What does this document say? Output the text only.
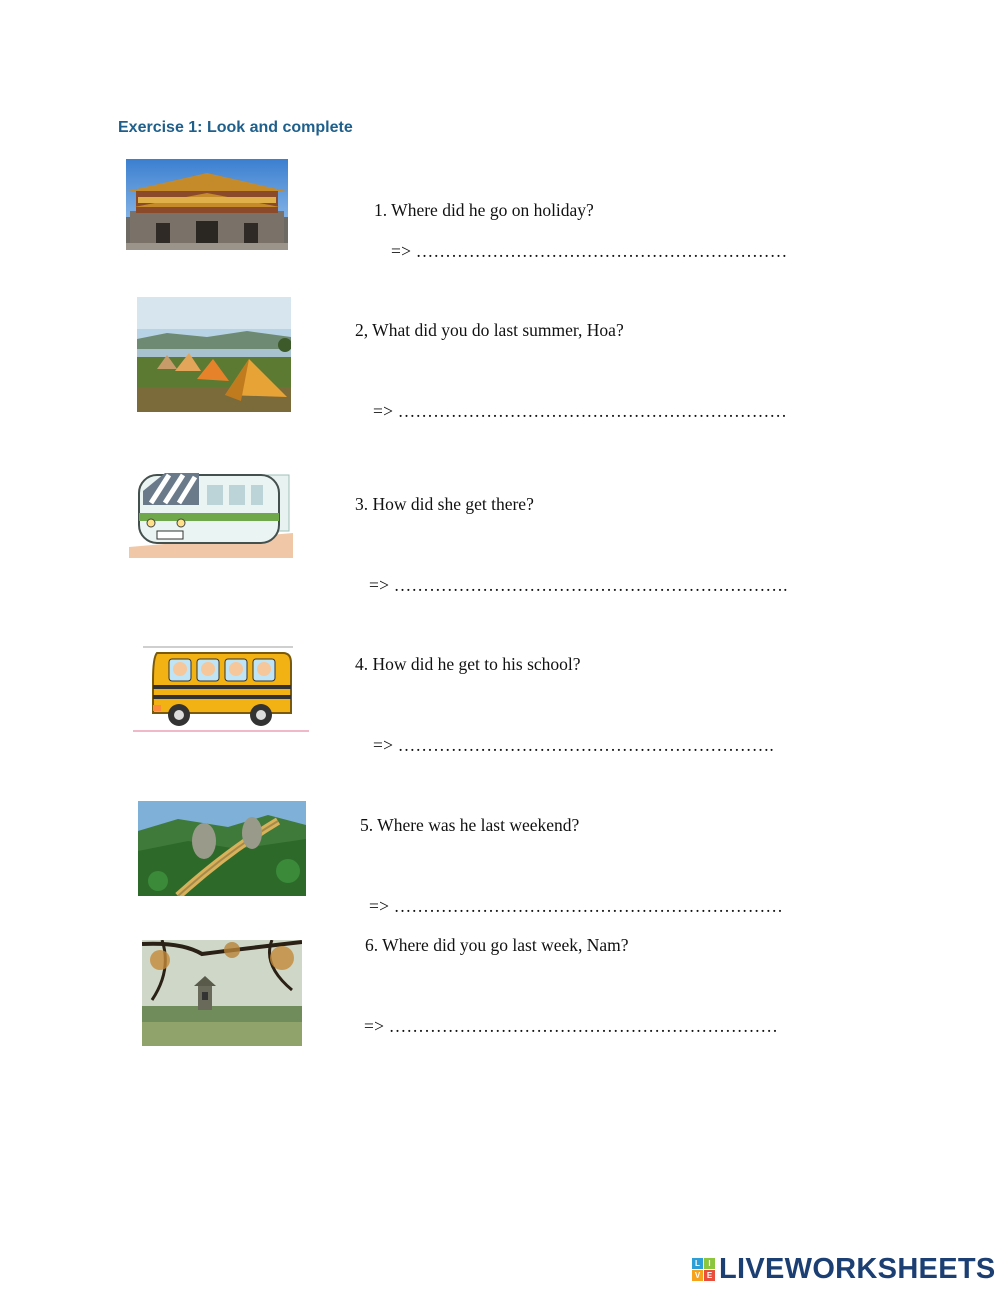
Exercise 1: Look and complete
1. Where did he go on holiday?
=> ………………………………………………………
2, What did you do last summer, Hoa?
=> …………………………………………………………
3. How did she get there?
=> ………………………………………………………….
4. How did he get to his school?
=> ……………………………………………………….
5. Where was he last weekend?
=> …………………………………………………………
6. Where did you go last week, Nam?
=> …………………………………………………………
L	I
V E LIVEWORKSHEETS
